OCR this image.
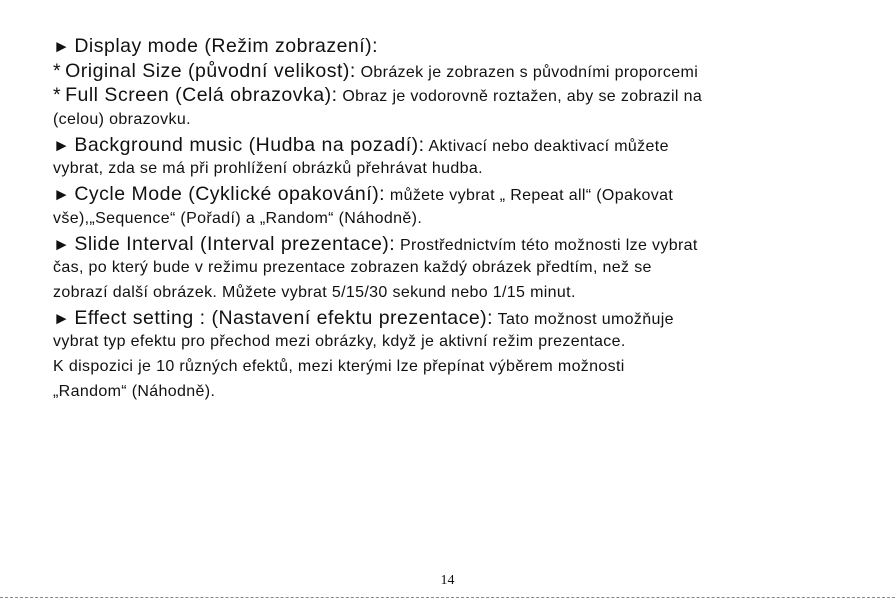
► Display mode (Režim zobrazení):
* Original Size (původní velikost): Obrázek je zobrazen s původními proporcemi
* Full Screen (Celá obrazovka): Obraz je vodorovně roztažen, aby se zobrazil na
(celou) obrazovku.
► Background music (Hudba na pozadí): Aktivací nebo deaktivací můžete
vybrat, zda se má při prohlížení obrázků přehrávat hudba.
► Cycle Mode (Cyklické opakování): můžete vybrat „ Repeat all“ (Opakovat
vše),„Sequence“ (Pořadí) a „Random“ (Náhodně).
► Slide Interval (Interval prezentace): Prostřednictvím této možnosti lze vybrat
čas, po který bude v režimu prezentace zobrazen každý obrázek předtím, než se
zobrazí další obrázek. Můžete vybrat 5/15/30 sekund nebo 1/15 minut.
► Effect setting : (Nastavení efektu prezentace): Tato možnost umožňuje
vybrat typ efektu pro přechod mezi obrázky, když je aktivní režim prezentace.
K dispozici je 10 různých efektů, mezi kterými lze přepínat výběrem možnosti
„Random“ (Náhodně).
14
